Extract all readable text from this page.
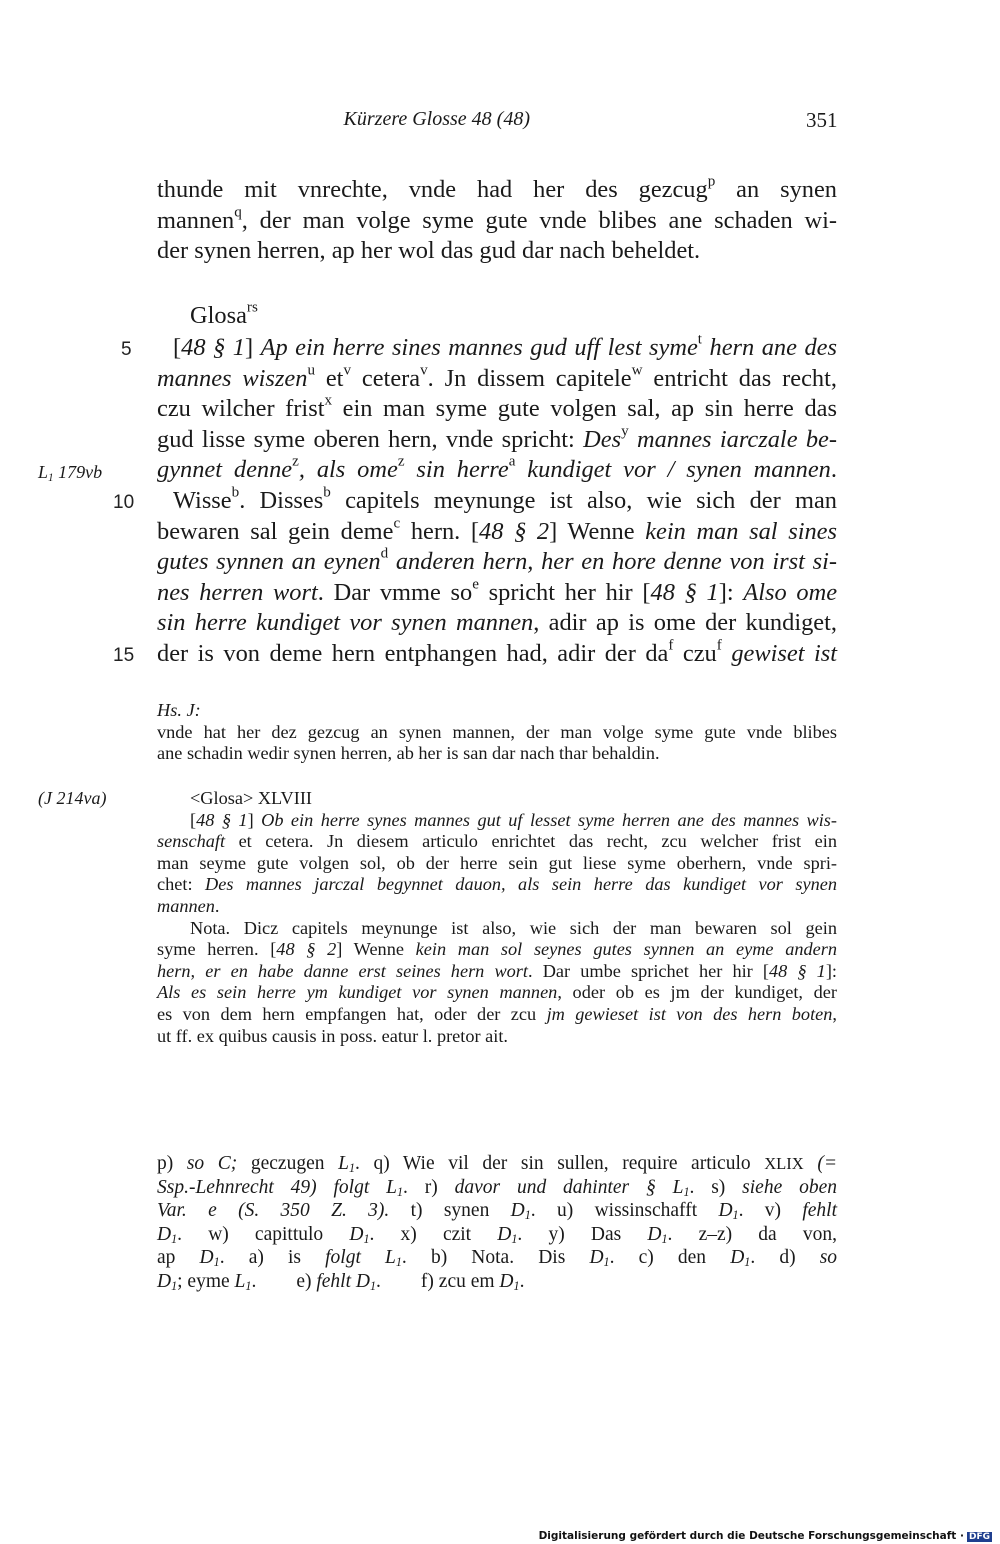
Kürzere Glosse 48 (48)	351
thunde mit vnrechte, vnde had her des gezcug$^p$ an synen
mannen$^q$, der man volge syme gute vnde blibes ane schaden wi-
der synen herren, ap her wol das gud dar nach beheldet.
Glosa$^{rs}$
[48 § 1] Ap ein herre sines mannes gud uff lest syme$^t$ hern ane des
mannes wiszen$^u$ $et^v$ cetera$^v$. Jn dissem capitele$^w$ entricht das recht,
czu wilcher frist$^x$ ein man syme gute volgen sal, ap sin herre das
gud lisse syme oberen hern, vnde spricht: Des$^y$ mannes iarczale be-
gynnet denne$^z$, als ome$^z$ sin herre$^a$ kundiget vor / synen mannen.
Wisse$^b$. Disses$^b$ capitels meynunge ist also, wie sich der man
bewaren sal gein deme$^c$ hern. [48 § 2] Wenne kein man sal sines
gutes synnen an eynen$^d$ anderen hern, her en hore denne von irst si-
nes herren wort. Dar vmme $so^e$ spricht her hir [48 § 1]: Also ome
sin herre kundiget vor synen mannen, adir ap is ome der kundiget,
der is von deme hern entphangen had, adir der $da^f$ czu$^f$ gewiset ist
5
10
15
$L_1$ 179vb
(J 214va)
Hs. J:
vnde hat her dez gezcug an synen mannen, der man volge syme gute vnde blibes
ane schadin wedir synen herren, ab her is san dar nach thar behaldin.
<Glosa> XLVIII
[48 § 1] Ob ein herre synes mannes gut uf lesset syme herren ane des mannes wis-
senschaft et cetera. Jn diesem articulo enrichtet das recht, zcu welcher frist ein
man seyme gute volgen sol, ob der herre sein gut liese syme oberhern, vnde spri-
chet: Des mannes jarczal begynnet dauon, als sein herre das kundiget vor synen
mannen.
Nota. Dicz capitels meynunge ist also, wie sich der man bewaren sol gein
syme herren. [48 § 2] Wenne kein man sol seynes gutes synnen an eyme andern
hern, er en habe danne erst seines hern wort. Dar umbe sprichet her hir [48 § 1]:
Als es sein herre ym kundiget vor synen mannen, oder ob es jm der kundiget, der
es von dem hern empfangen hat, oder der zcu jm gewieset ist von des hern boten,
ut ff. ex quibus causis in poss. eatur l. pretor ait.
p) so C; geczugen $L_1$. q) Wie vil der sin sullen, require articulo XLIX (=
Ssp.-Lehnrecht 49) folgt $L_1$. r) davor und dahinter § $L_1$. s) siehe oben
Var. e (S. 350 Z. 3). t) synen $D_1$. u) wissinschafft $D_1$. v) fehlt
$D_1$. w) capittulo $D_1$. x) czit $D_1$. y) Das $D_1$. z–z) da von,
ap $D_1$. a) is folgt $L_1$. b) Nota. Dis $D_1$. c) den $D_1$. d) so
$D_1$; eyme $L_1$. e) fehlt $D_1$. f) zcu em $D_1$.
Digitalisierung gefördert durch die Deutsche Forschungsgemeinschaft · DFG
